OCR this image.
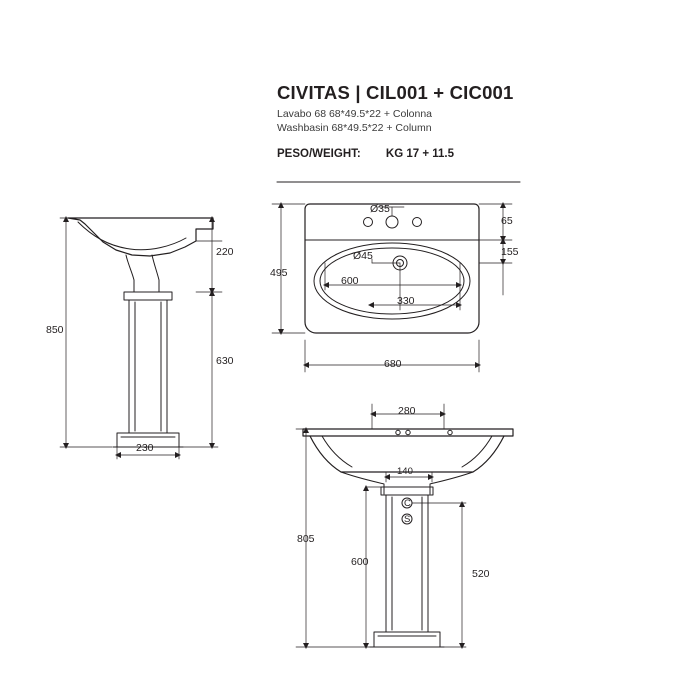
CIVITAS | CIL001 + CIC001
Lavabo 68 68*49.5*22 + Colonna
Washbasin 68*49.5*22 + Column
PESO/WEIGHT: KG 17 + 11.5
850
220
630
230
Ø35
Ø45
65
155
495
600
330
680
280
140
805
600
520
C
S
